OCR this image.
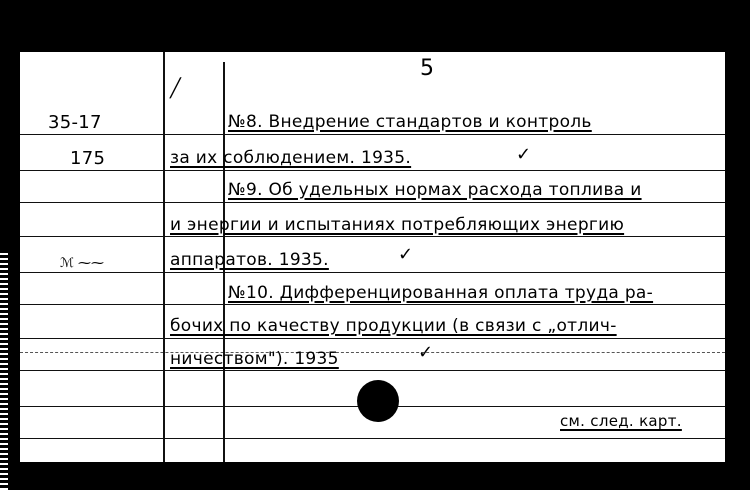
5
35-17
175
ℳ ⁓⁓
╱
№8. Внедрение стандартов и контроль
за их соблюдением. 1935.
№9. Об удельных нормах расхода топлива и
и энергии и испытаниях потребляющих энергию
аппаратов. 1935.
№10. Дифференцированная оплата труда ра-
бочих по качеству продукции (в связи с „отлич-
ничеством"). 1935
✓
✓
✓
см. след. карт.
